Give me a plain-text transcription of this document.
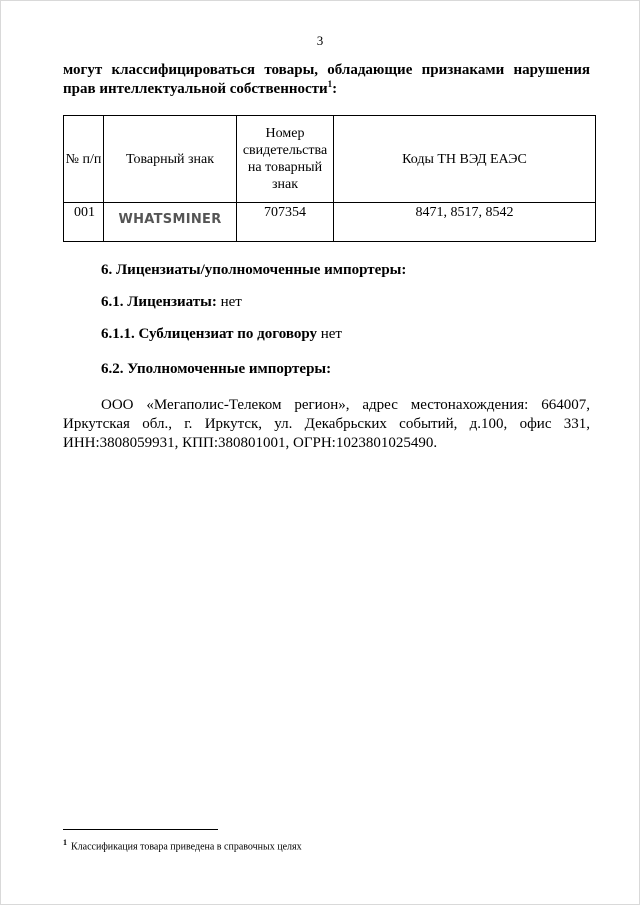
3
могут классифицироваться товары, обладающие признаками нарушения
прав интеллектуальной собственности$^1$:
№ п/п	Товарный знак	Номер свидетельства на товарный знак	Коды ТН ВЭД ЕАЭС
001	WHATSMINER	707354	8471, 8517, 8542
6. Лицензиаты/уполномоченные импортеры:
6.1. Лицензиаты: нет
6.1.1. Сублицензиат по договору нет
6.2. Уполномоченные импортеры:
ООО «Мегаполис-Телеком регион», адрес местонахождения: 664007, Иркутская обл., г. Иркутск, ул. Декабрьских событий, д.100, офис 331, ИНН:3808059931, КПП:380801001, ОГРН:1023801025490.
$^1$ Классификация товара приведена в справочных целях
